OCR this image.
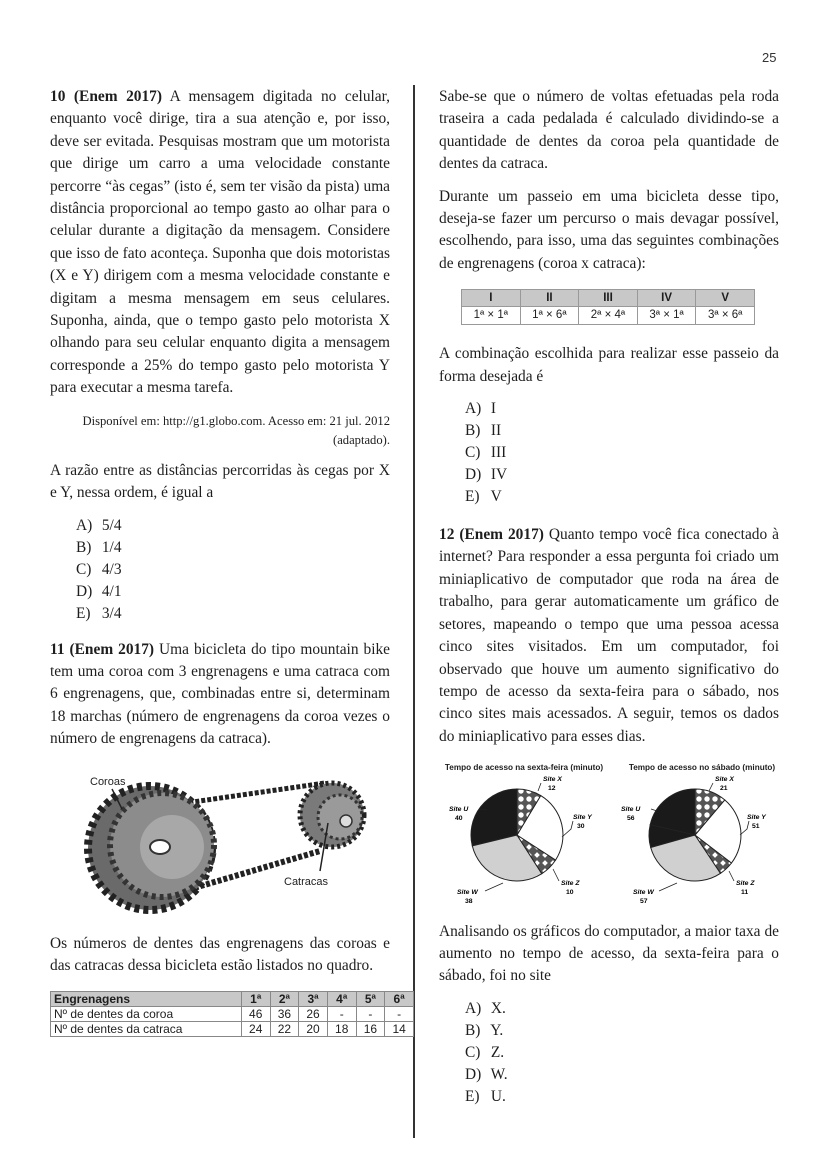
25

10 (Enem 2017) A mensagem digitada no celular, enquanto você dirige, tira a sua atenção e, por isso, deve ser evitada. Pesquisas mostram que um motorista que dirige um carro a uma velocidade constante percorre “às cegas” (isto é, sem ter visão da pista) uma distância proporcional ao tempo gasto ao olhar para o celular durante a digitação da mensagem. Considere que isso de fato aconteça. Suponha que dois motoristas (X e Y) dirigem com a mesma velocidade constante e digitam a mesma mensagem em seus celulares. Suponha, ainda, que o tempo gasto pelo motorista X olhando para seu celular enquanto digita a mensagem corresponde a 25% do tempo gasto pelo motorista Y para executar a mesma tarefa.

Disponível em: http://g1.globo.com. Acesso em: 21 jul. 2012 (adaptado).

A razão entre as distâncias percorridas às cegas por X e Y, nessa ordem, é igual a

A) 5/4
B) 1/4
C) 4/3
D) 4/1
E) 3/4

11 (Enem 2017) Uma bicicleta do tipo mountain bike tem uma coroa com 3 engrenagens e uma catraca com 6 engrenagens, que, combinadas entre si, determinam 18 marchas (número de engrenagens da coroa vezes o número de engrenagens da catraca).

Coroas
Catracas

Os números de dentes das engrenagens das coroas e das catracas dessa bicicleta estão listados no quadro.

Engrenagens	1ª	2ª	3ª	4ª	5ª	6ª
Nº de dentes da coroa	46	36	26	-	-	-
Nº de dentes da catraca	24	22	20	18	16	14

Sabe-se que o número de voltas efetuadas pela roda traseira a cada pedalada é calculado dividindo-se a quantidade de dentes da coroa pela quantidade de dentes da catraca.

Durante um passeio em uma bicicleta desse tipo, deseja-se fazer um percurso o mais devagar possível, escolhendo, para isso, uma das seguintes combinações de engrenagens (coroa x catraca):

I	II	III	IV	V
1ª × 1ª	1ª × 6ª	2ª × 4ª	3ª × 1ª	3ª × 6ª

A combinação escolhida para realizar esse passeio da forma desejada é

A) I
B) II
C) III
D) IV
E) V

12 (Enem 2017) Quanto tempo você fica conectado à internet? Para responder a essa pergunta foi criado um miniaplicativo de computador que roda na área de trabalho, para gerar automaticamente um gráfico de setores, mapeando o tempo que uma pessoa acessa cinco sites visitados. Em um computador, foi observado que houve um aumento significativo do tempo de acesso da sexta-feira para o sábado, nos cinco sites mais acessados. A seguir, temos os dados do miniaplicativo para esses dias.

Tempo de acesso na sexta-feira (minuto)
Site X
12
Site Y
30
Site Z
10
Site W
38
Site U
40
Tempo de acesso no sábado (minuto)
Site X
21
Site Y
51
Site Z
11
Site W
57
Site U
56

Analisando os gráficos do computador, a maior taxa de aumento no tempo de acesso, da sexta-feira para o sábado, foi no site

A) X.
B) Y.
C) Z.
D) W.
E) U.
